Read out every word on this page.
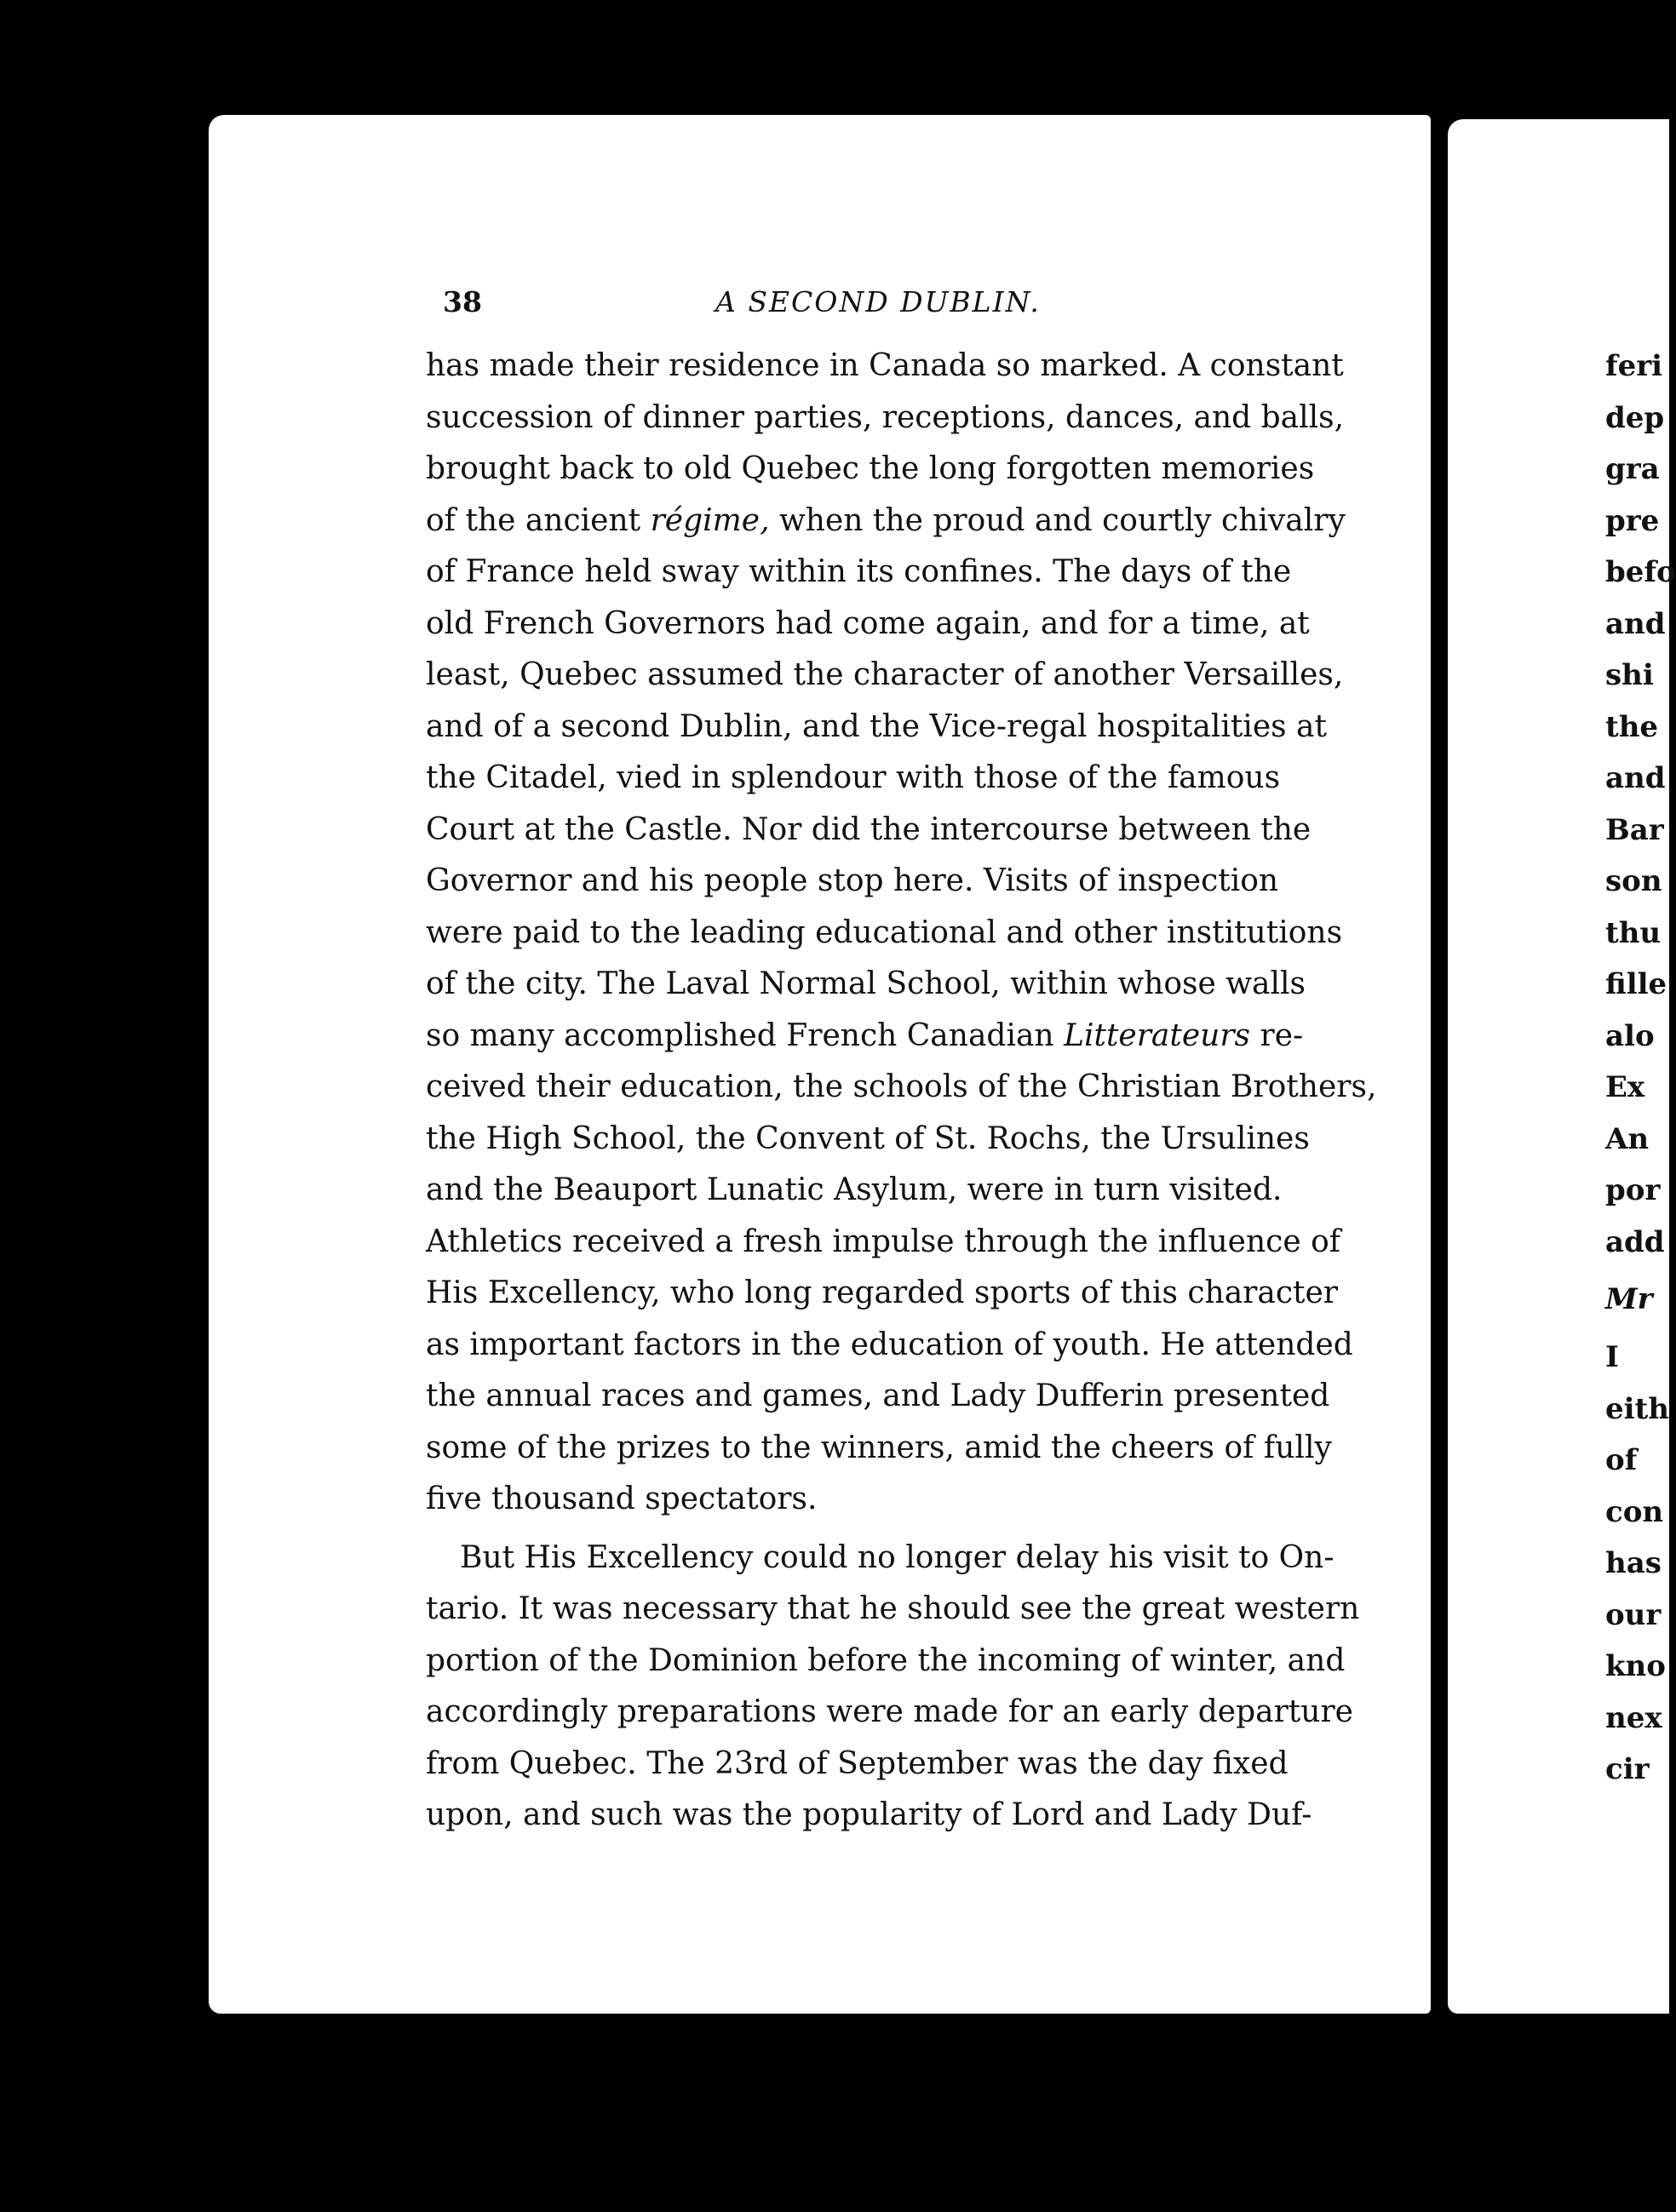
38	A SECOND DUBLIN.
has made their residence in Canada so marked. A constant
succession of dinner parties, receptions, dances, and balls,
brought back to old Quebec the long forgotten memories
of the ancient régime, when the proud and courtly chivalry
of France held sway within its confines. The days of the
old French Governors had come again, and for a time, at
least, Quebec assumed the character of another Versailles,
and of a second Dublin, and the Vice-regal hospitalities at
the Citadel, vied in splendour with those of the famous
Court at the Castle. Nor did the intercourse between the
Governor and his people stop here. Visits of inspection
were paid to the leading educational and other institutions
of the city. The Laval Normal School, within whose walls
so many accomplished French Canadian Litterateurs re-
ceived their education, the schools of the Christian Brothers,
the High School, the Convent of St. Rochs, the Ursulines
and the Beauport Lunatic Asylum, were in turn visited.
Athletics received a fresh impulse through the influence of
His Excellency, who long regarded sports of this character
as important factors in the education of youth. He attended
the annual races and games, and Lady Dufferin presented
some of the prizes to the winners, amid the cheers of fully
five thousand spectators.
But His Excellency could no longer delay his visit to On-
tario. It was necessary that he should see the great western
portion of the Dominion before the incoming of winter, and
accordingly preparations were made for an early departure
from Quebec. The 23rd of September was the day fixed
upon, and such was the popularity of Lord and Lady Duf-
feri
dep
gra
pre
befo
and
shi
the
and
Bar
son
thu
fille
alo
Ex
An
por
add
Mr
I
eith
of
con
has
our
kno
nex
cir
